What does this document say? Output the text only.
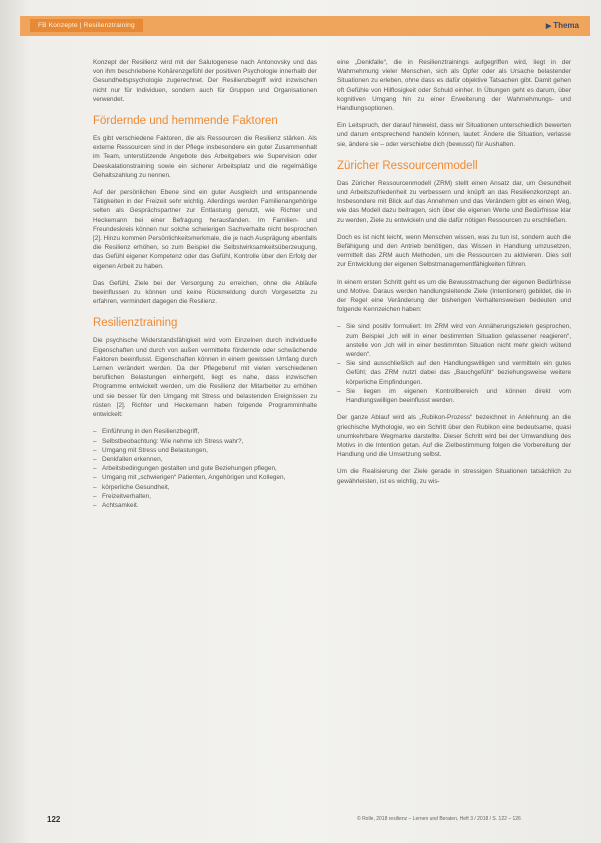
FB Konzepte | Resilienztraining	▶ Thema

Konzept der Resilienz wird mit der Salutogenese nach Antonovsky und das von ihm beschriebene Kohärenzgefühl der positiven Psychologie innerhalb der Gesundheitspsychologie zugerechnet. Der Resilienzbegriff wird inzwischen nicht nur für Individuen, sondern auch für Gruppen und Organisationen verwendet.

Fördernde und hemmende Faktoren

Es gibt verschiedene Faktoren, die als Ressourcen die Resilienz stärken. Als externe Ressourcen sind in der Pflege insbesondere ein guter Zusammenhalt im Team, unterstützende Angebote des Arbeitgebers wie Supervision oder Deeskalationstraining sowie ein sicherer Arbeitsplatz und die regelmäßige Gehaltszahlung zu nennen.

Auf der persönlichen Ebene sind ein guter Ausgleich und entspannende Tätigkeiten in der Freizeit sehr wichtig. Allerdings werden Familienangehörige selten als Gesprächspartner zur Entlastung genutzt, wie Richter und Heckemann bei einer Befragung herausfanden. Im Familien- und Freundeskreis können nur solche schwierigen Sachverhalte nicht besprochen [2]. Hinzu kommen Persönlichkeitsmerkmale, die je nach Ausprägung ebenfalls die Resilienz erhöhen, so zum Beispiel die Selbstwirksamkeitsüberzeugung, das Gefühl eigener Kompetenz oder das Gefühl, Kontrolle über den Erfolg der eigenen Arbeit zu haben.

Das Gefühl, Ziele bei der Versorgung zu erreichen, ohne die Abläufe beeinflussen zu können und keine Rückmeldung durch Vorgesetzte zu erfahren, vermindert dagegen die Resilienz.

Resilienztraining

Die psychische Widerstandsfähigkeit wird vom Einzelnen durch individuelle Eigenschaften und durch von außen vermittelte fördernde oder schwächende Faktoren beeinflusst. Eigenschaften können in einem gewissen Umfang durch Lernen verändert werden. Da der Pflegeberuf mit vielen verschiedenen beruflichen Belastungen einhergeht, liegt es nahe, dass inzwischen Programme entwickelt werden, um die Resilienz der Mitarbeiter zu erhöhen und sie besser für den Umgang mit Stress und belastenden Ereignissen zu rüsten [2]. Richter und Heckemann haben folgende Programminhalte entwickelt:

– Einführung in den Resilienzbegriff,
– Selbstbeobachtung: Wie nehme ich Stress wahr?,
– Umgang mit Stress und Belastungen,
– Denkfallen erkennen,
– Arbeitsbedingungen gestalten und gute Beziehungen pflegen,
– Umgang mit „schwierigen“ Patienten, Angehörigen und Kollegen,
– körperliche Gesundheit,
– Freizeitverhalten,
– Achtsamkeit.

eine „Denkfalle“, die in Resilienztrainings aufgegriffen wird, liegt in der Wahrnehmung vieler Menschen, sich als Opfer oder als Ursache belastender Situationen zu erleben, ohne dass es dafür objektive Tatsachen gibt. Damit gehen oft Gefühle von Hilflosigkeit oder Schuld einher. In Übungen geht es darum, über kognitiven Umgang hin zu einer Erweiterung der Wahrnehmungs- und Handlungsoptionen.

Ein Leitspruch, der darauf hinweist, dass wir Situationen unterschiedlich bewerten und darum entsprechend handeln können, lautet: Ändere die Situation, verlasse sie, ändere sie – oder verschiebe dich (bewusst) für Aushalten.

Züricher Ressourcenmodell

Das Züricher Ressourcenmodell (ZRM) stellt einen Ansatz dar, um Gesundheit und Arbeitszufriedenheit zu verbessern und knüpft an das Resilienzkonzept an. Insbesondere mit Blick auf das Annehmen und das Verändern gibt es einen Weg, wie das Modell dazu beitragen, sich über die eigenen Werte und Bedürfnisse klar zu werden, Ziele zu entwickeln und die dafür nötigen Ressourcen zu erschließen.

Doch es ist nicht leicht, wenn Menschen wissen, was zu tun ist, sondern auch die Befähigung und den Antrieb benötigen, das Wissen in Handlung umzusetzen, vermittelt das ZRM auch Methoden, um die Ressourcen zu aktivieren. Dies soll zur Entwicklung der eigenen Selbstmanagementfähigkeiten führen.

In einem ersten Schritt geht es um die Bewusstmachung der eigenen Bedürfnisse und Motive. Daraus werden handlungsleitende Ziele (Intentionen) gebildet, die in der Regel eine Veränderung der bisherigen Verhaltensweisen bedeuten und folgende Kennzeichen haben:

– Sie sind positiv formuliert: Im ZRM wird von Annäherungszielen gesprochen, zum Beispiel „Ich will in einer bestimmten Situation gelassener reagieren“, anstelle von „Ich will in einer bestimmten Situation nicht mehr gleich wütend werden“.
– Sie sind ausschließlich auf den Handlungswilligen und vermitteln ein gutes Gefühl; das ZRM nutzt dabei das „Bauchgefühl“ beziehungsweise weitere körperliche Empfindungen.
– Sie liegen im eigenen Kontrollbereich und können direkt vom Handlungswilligen beeinflusst werden.

Der ganze Ablauf wird als „Rubikon-Prozess“ bezeichnet in Anlehnung an die griechische Mythologie, wo ein Schritt über den Rubikon eine bedeutsame, quasi unumkehrbare Wegmarke darstellte. Dieser Schritt wird bei der Umwandlung des Motivs in die Intention getan. Auf die Zielbestimmung folgen die Vorbereitung der Handlung und die Umsetzung selbst.

Um die Realisierung der Ziele gerade in stressigen Situationen tatsächlich zu gewährleisten, ist es wichtig, zu wis-

122	© Rolle, 2018 resilienz – Lernen und Beraten, Heft 3 / 2018 / S. 122 – 126
